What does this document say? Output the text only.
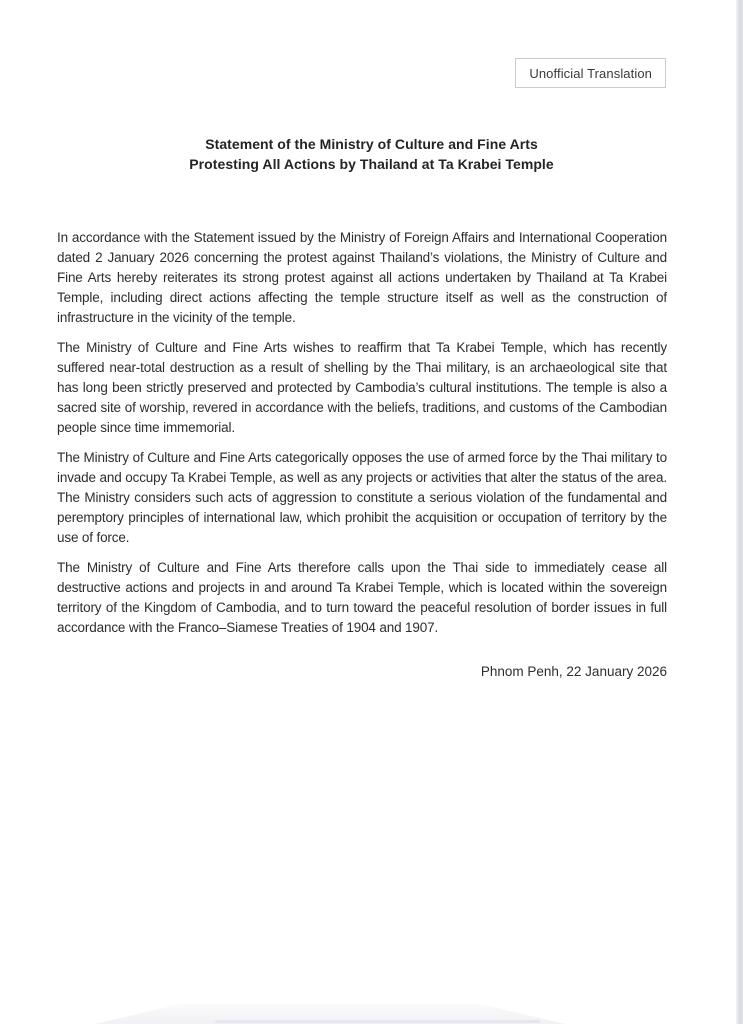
Unofficial Translation
Statement of the Ministry of Culture and Fine Arts
Protesting All Actions by Thailand at Ta Krabei Temple

In accordance with the Statement issued by the Ministry of Foreign Affairs and International Cooperation dated 2 January 2026 concerning the protest against Thailand’s violations, the Ministry of Culture and Fine Arts hereby reiterates its strong protest against all actions undertaken by Thailand at Ta Krabei Temple, including direct actions affecting the temple structure itself as well as the construction of infrastructure in the vicinity of the temple.

The Ministry of Culture and Fine Arts wishes to reaffirm that Ta Krabei Temple, which has recently suffered near-total destruction as a result of shelling by the Thai military, is an archaeological site that has long been strictly preserved and protected by Cambodia’s cultural institutions. The temple is also a sacred site of worship, revered in accordance with the beliefs, traditions, and customs of the Cambodian people since time immemorial.

The Ministry of Culture and Fine Arts categorically opposes the use of armed force by the Thai military to invade and occupy Ta Krabei Temple, as well as any projects or activities that alter the status of the area. The Ministry considers such acts of aggression to constitute a serious violation of the fundamental and peremptory principles of international law, which prohibit the acquisition or occupation of territory by the use of force.

The Ministry of Culture and Fine Arts therefore calls upon the Thai side to immediately cease all destructive actions and projects in and around Ta Krabei Temple, which is located within the sovereign territory of the Kingdom of Cambodia, and to turn toward the peaceful resolution of border issues in full accordance with the Franco–Siamese Treaties of 1904 and 1907.

Phnom Penh, 22 January 2026
